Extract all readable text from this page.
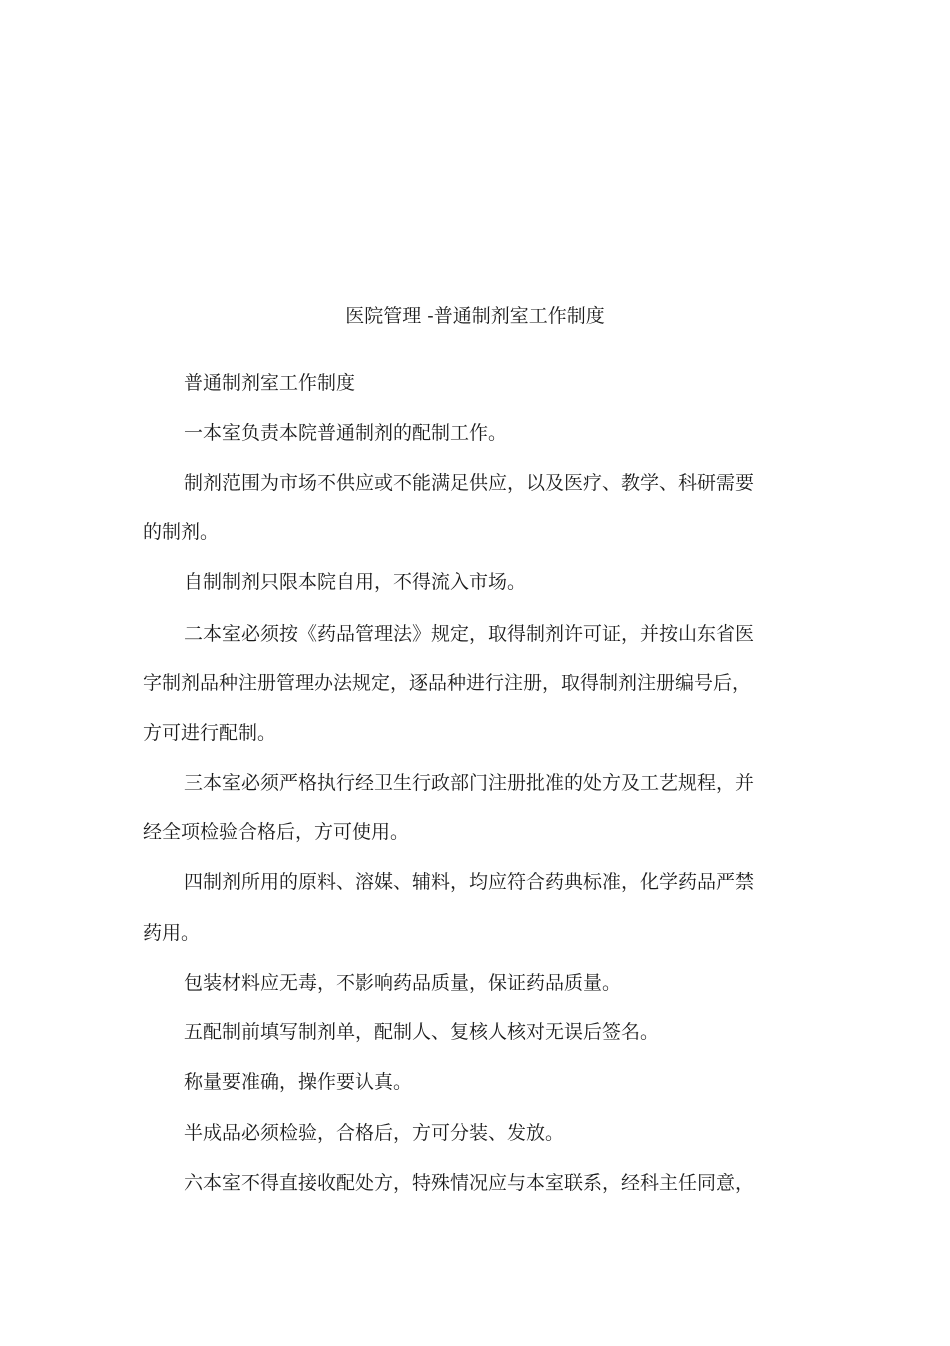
医院管理 -普通制剂室工作制度
普通制剂室工作制度
一本室负责本院普通制剂的配制工作。
制剂范围为市场不供应或不能满足供应，以及医疗、教学、科研需要
的制剂。
自制制剂只限本院自用，不得流入市场。
二本室必须按《药品管理法》规定，取得制剂许可证，并按山东省医
字制剂品种注册管理办法规定，逐品种进行注册，取得制剂注册编号后，
方可进行配制。
三本室必须严格执行经卫生行政部门注册批准的处方及工艺规程，并
经全项检验合格后，方可使用。
四制剂所用的原料、溶媒、辅料，均应符合药典标准，化学药品严禁
药用。
包装材料应无毒，不影响药品质量，保证药品质量。
五配制前填写制剂单，配制人、复核人核对无误后签名。
称量要准确，操作要认真。
半成品必须检验，合格后，方可分装、发放。
六本室不得直接收配处方，特殊情况应与本室联系，经科主任同意，
